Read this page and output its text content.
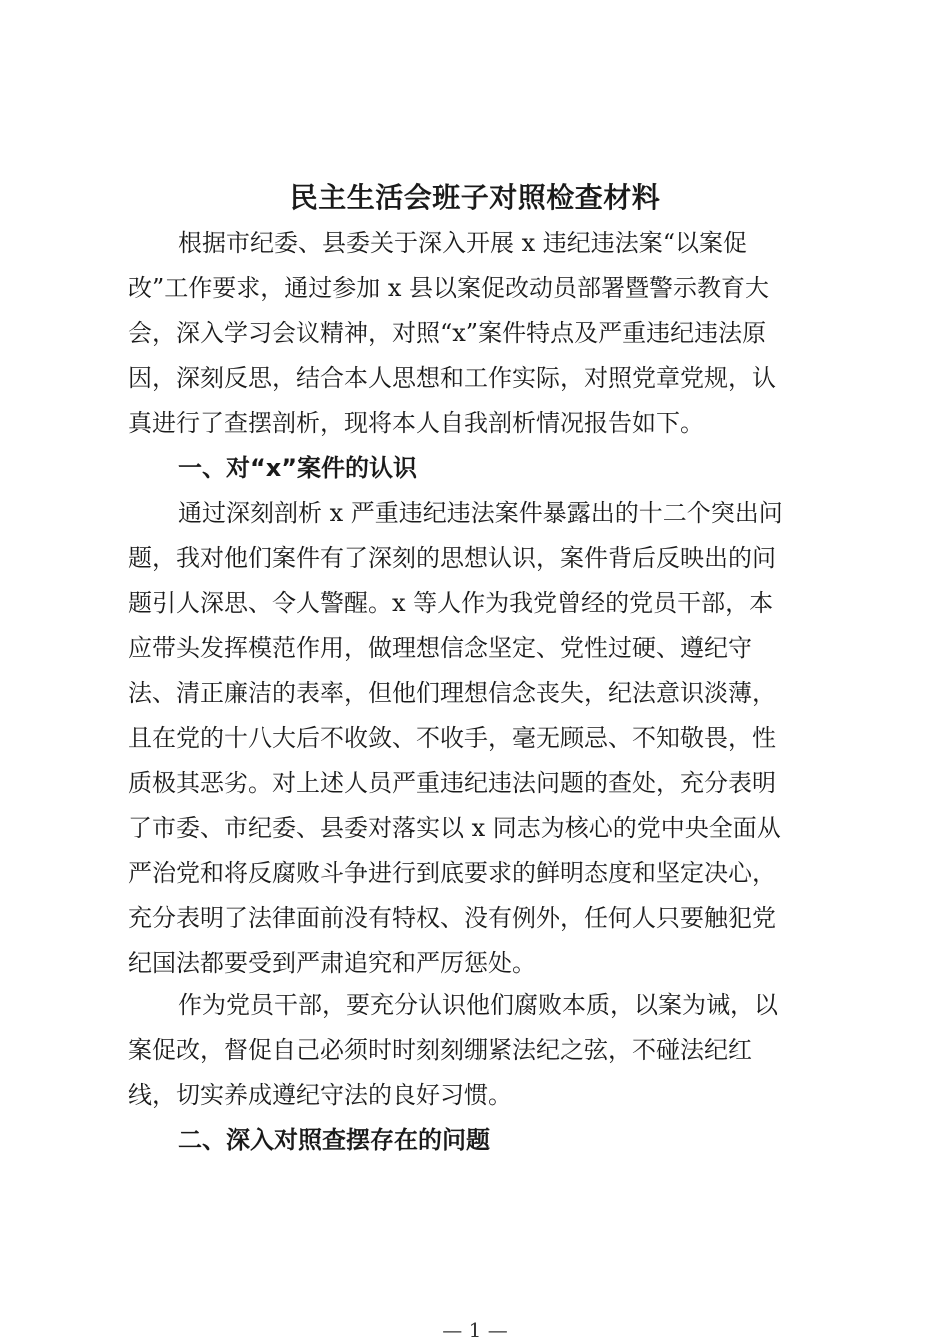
民主生活会班子对照检查材料

根据市纪委、县委关于深入开展 x 违纪违法案“以案促

改”工作要求，通过参加 x 县以案促改动员部署暨警示教育大

会，深入学习会议精神，对照“x”案件特点及严重违纪违法原

因，深刻反思，结合本人思想和工作实际，对照党章党规，认

真进行了查摆剖析，现将本人自我剖析情况报告如下。

一、对“x”案件的认识

通过深刻剖析 x 严重违纪违法案件暴露出的十二个突出问

题，我对他们案件有了深刻的思想认识，案件背后反映出的问

题引人深思、令人警醒。x 等人作为我党曾经的党员干部，本

应带头发挥模范作用，做理想信念坚定、党性过硬、遵纪守

法、清正廉洁的表率，但他们理想信念丧失，纪法意识淡薄，

且在党的十八大后不收敛、不收手，毫无顾忌、不知敬畏，性

质极其恶劣。对上述人员严重违纪违法问题的查处，充分表明

了市委、市纪委、县委对落实以 x 同志为核心的党中央全面从

严治党和将反腐败斗争进行到底要求的鲜明态度和坚定决心，

充分表明了法律面前没有特权、没有例外，任何人只要触犯党

纪国法都要受到严肃追究和严厉惩处。

作为党员干部，要充分认识他们腐败本质，以案为诫，以

案促改，督促自己必须时时刻刻绷紧法纪之弦，不碰法纪红

线，切实养成遵纪守法的良好习惯。

二、深入对照查摆存在的问题
— 1 —
